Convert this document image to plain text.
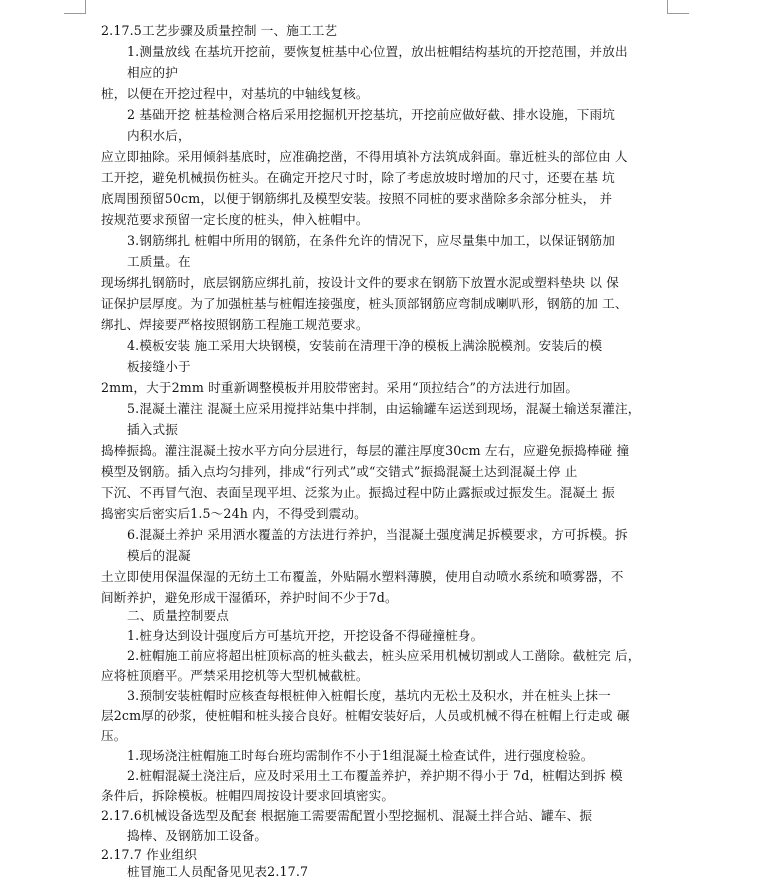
2.17.5工艺步骤及质量控制 一、施工工艺
1.测量放线 在基坑开挖前，要恢复桩基中心位置，放出桩帽结构基坑的开挖范围，并放出
相应的护
桩，以便在开挖过程中，对基坑的中轴线复核。
2 基础开挖 桩基检测合格后采用挖掘机开挖基坑，开挖前应做好截、排水设施，下雨坑
内积水后，
应立即抽除。采用倾斜基底时，应准确挖凿，不得用填补方法筑成斜面。靠近桩头的部位由 人
工开挖，避免机械损伤桩头。在确定开挖尺寸时，除了考虑放坡时增加的尺寸，还要在基 坑
底周围预留50cm，以便于钢筋绑扎及模型安装。按照不同桩的要求凿除多余部分桩头， 并
按规范要求预留一定长度的桩头，伸入桩帽中。
3.钢筋绑扎 桩帽中所用的钢筋，在条件允许的情况下，应尽量集中加工，以保证钢筋加
工质量。在
现场绑扎钢筋时，底层钢筋应绑扎前，按设计文件的要求在钢筋下放置水泥或塑料垫块 以 保
证保护层厚度。为了加强桩基与桩帽连接强度，桩头顶部钢筋应弯制成喇叭形，钢筋的加 工、
绑扎、焊接要严格按照钢筋工程施工规范要求。
4.模板安装 施工采用大块钢模，安装前在清理干净的模板上满涂脱模剂。安装后的模
板接缝小于
2mm，大于2mm 时重新调整模板并用胶带密封。采用“顶拉结合”的方法进行加固。
5.混凝土灌注 混凝土应采用搅拌站集中拌制，由运输罐车运送到现场，混凝土输送泵灌注，
插入式振
捣棒振捣。灌注混凝土按水平方向分层进行，每层的灌注厚度30cm 左右，应避免振捣棒碰 撞
模型及钢筋。插入点均匀排列，排成“行列式”或“交错式”振捣混凝土达到混凝土停 止
下沉、不再冒气泡、表面呈现平坦、泛浆为止。振捣过程中防止露振或过振发生。混凝土 振
捣密实后密实后1.5～24h 内，不得受到震动。
6.混凝土养护 采用洒水覆盖的方法进行养护，当混凝土强度满足拆模要求，方可拆模。拆
模后的混凝
土立即使用保温保湿的无纺土工布覆盖，外贴隔水塑料薄膜，使用自动喷水系统和喷雾器，不
间断养护，避免形成干湿循环，养护时间不少于7d。
二、质量控制要点
1.桩身达到设计强度后方可基坑开挖，开挖设备不得碰撞桩身。
2.桩帽施工前应将超出桩顶标高的桩头截去，桩头应采用机械切割或人工凿除。截桩完 后，
应将桩顶磨平。严禁采用挖机等大型机械截桩。
3.预制安装桩帽时应核查每根桩伸入桩帽长度，基坑内无松土及积水，并在桩头上抹一
层2cm厚的砂浆，使桩帽和桩头接合良好。桩帽安装好后，人员或机械不得在桩帽上行走或 碾
压。
1.现场浇注桩帽施工时每台班均需制作不小于1组混凝土检查试件，进行强度检验。
2.桩帽混凝土浇注后，应及时采用土工布覆盖养护，养护期不得小于 7d，桩帽达到拆 模
条件后，拆除模板。桩帽四周按设计要求回填密实。
2.17.6机械设备选型及配套 根据施工需要需配置小型挖掘机、混凝土拌合站、罐车、振
捣棒、及钢筋加工设备。
2.17.7 作业组织
桩冒施工人员配备见见表2.17.7
